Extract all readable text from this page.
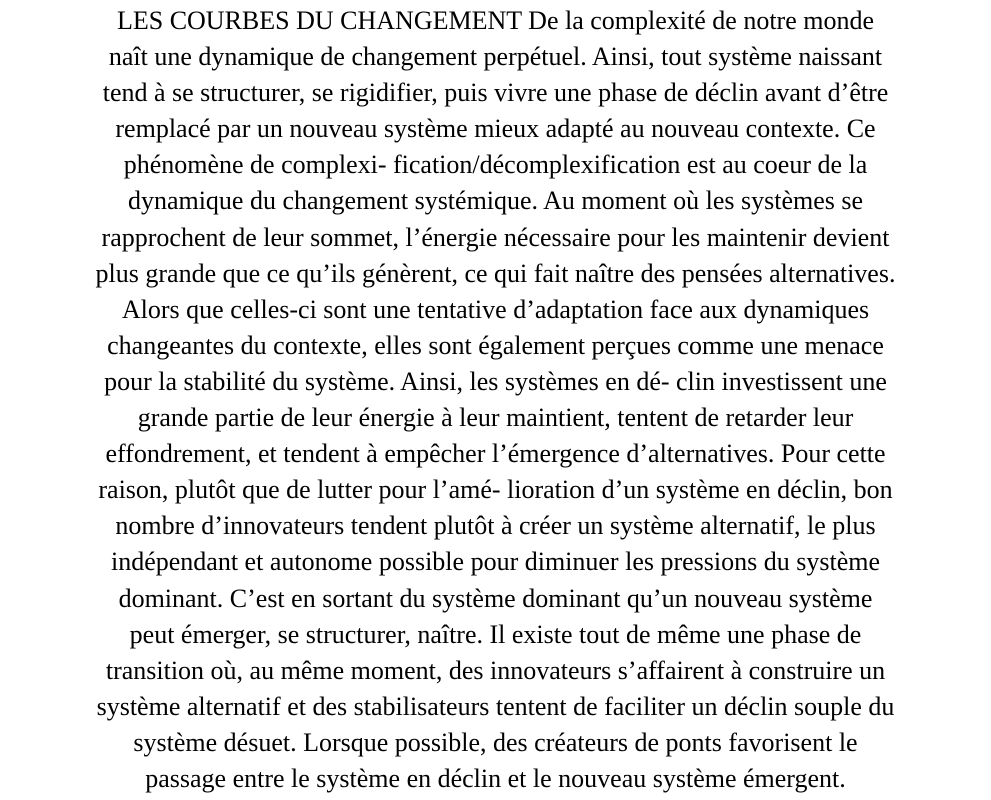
LES COURBES DU CHANGEMENT De la complexité de notre monde
naît une dynamique de changement perpétuel. Ainsi, tout système naissant
tend à se structurer, se rigidifier, puis vivre une phase de déclin avant d’être
remplacé par un nouveau système mieux adapté au nouveau contexte. Ce
phénomène de complexi- fication/décomplexification est au coeur de la
dynamique du changement systémique. Au moment où les systèmes se
rapprochent de leur sommet, l’énergie nécessaire pour les maintenir devient
plus grande que ce qu’ils génèrent, ce qui fait naître des pensées alternatives.
Alors que celles-ci sont une tentative d’adaptation face aux dynamiques
changeantes du contexte, elles sont également perçues comme une menace
pour la stabilité du système. Ainsi, les systèmes en dé- clin investissent une
grande partie de leur énergie à leur maintient, tentent de retarder leur
effondrement, et tendent à empêcher l’émergence d’alternatives. Pour cette
raison, plutôt que de lutter pour l’amé- lioration d’un système en déclin, bon
nombre d’innovateurs tendent plutôt à créer un système alternatif, le plus
indépendant et autonome possible pour diminuer les pressions du système
dominant. C’est en sortant du système dominant qu’un nouveau système
peut émerger, se structurer, naître. Il existe tout de même une phase de
transition où, au même moment, des innovateurs s’affairent à construire un
système alternatif et des stabilisateurs tentent de faciliter un déclin souple du
système désuet. Lorsque possible, des créateurs de ponts favorisent le
passage entre le système en déclin et le nouveau système émergent.
